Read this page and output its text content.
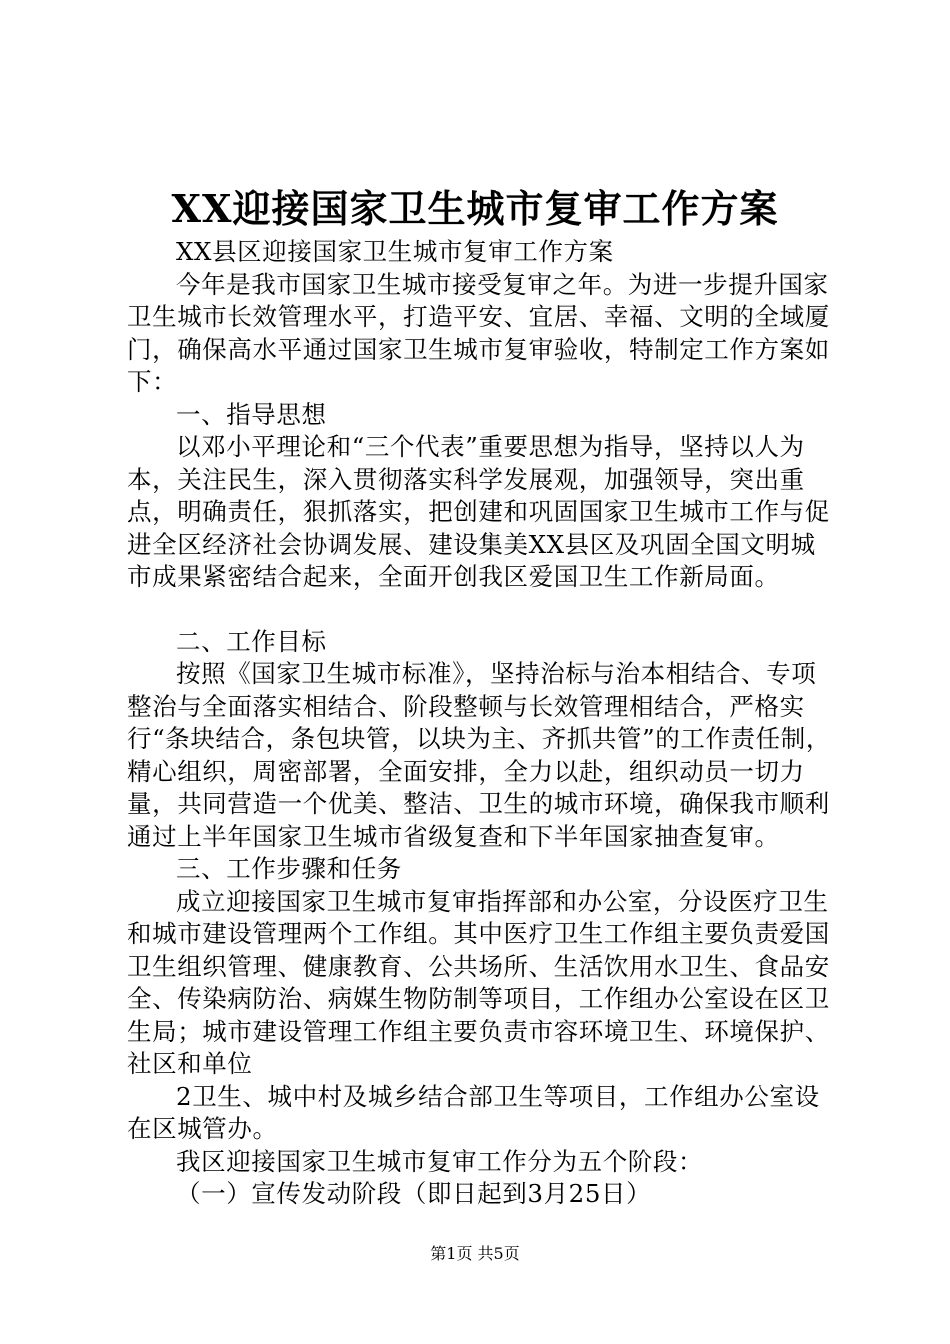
XX迎接国家卫生城市复审工作方案

XX县区迎接国家卫生城市复审工作方案

今年是我市国家卫生城市接受复审之年。为进一步提升国家卫生城市长效管理水平，打造平安、宜居、幸福、文明的全域厦门，确保高水平通过国家卫生城市复审验收，特制定工作方案如下：

一、指导思想

以邓小平理论和“三个代表”重要思想为指导，坚持以人为本，关注民生，深入贯彻落实科学发展观，加强领导，突出重点，明确责任，狠抓落实，把创建和巩固国家卫生城市工作与促进全区经济社会协调发展、建设集美XX县区及巩固全国文明城市成果紧密结合起来，全面开创我区爱国卫生工作新局面。

二、工作目标

按照《国家卫生城市标准》，坚持治标与治本相结合、专项整治与全面落实相结合、阶段整顿与长效管理相结合，严格实行“条块结合，条包块管，以块为主、齐抓共管”的工作责任制，精心组织，周密部署，全面安排，全力以赴，组织动员一切力量，共同营造一个优美、整洁、卫生的城市环境，确保我市顺利通过上半年国家卫生城市省级复查和下半年国家抽查复审。

三、工作步骤和任务

成立迎接国家卫生城市复审指挥部和办公室，分设医疗卫生和城市建设管理两个工作组。其中医疗卫生工作组主要负责爱国卫生组织管理、健康教育、公共场所、生活饮用水卫生、食品安全、传染病防治、病媒生物防制等项目，工作组办公室设在区卫生局；城市建设管理工作组主要负责市容环境卫生、环境保护、社区和单位

2卫生、城中村及城乡结合部卫生等项目，工作组办公室设在区城管办。

我区迎接国家卫生城市复审工作分为五个阶段：

（一）宣传发动阶段（即日起到3月25日）

第1页 共5页
